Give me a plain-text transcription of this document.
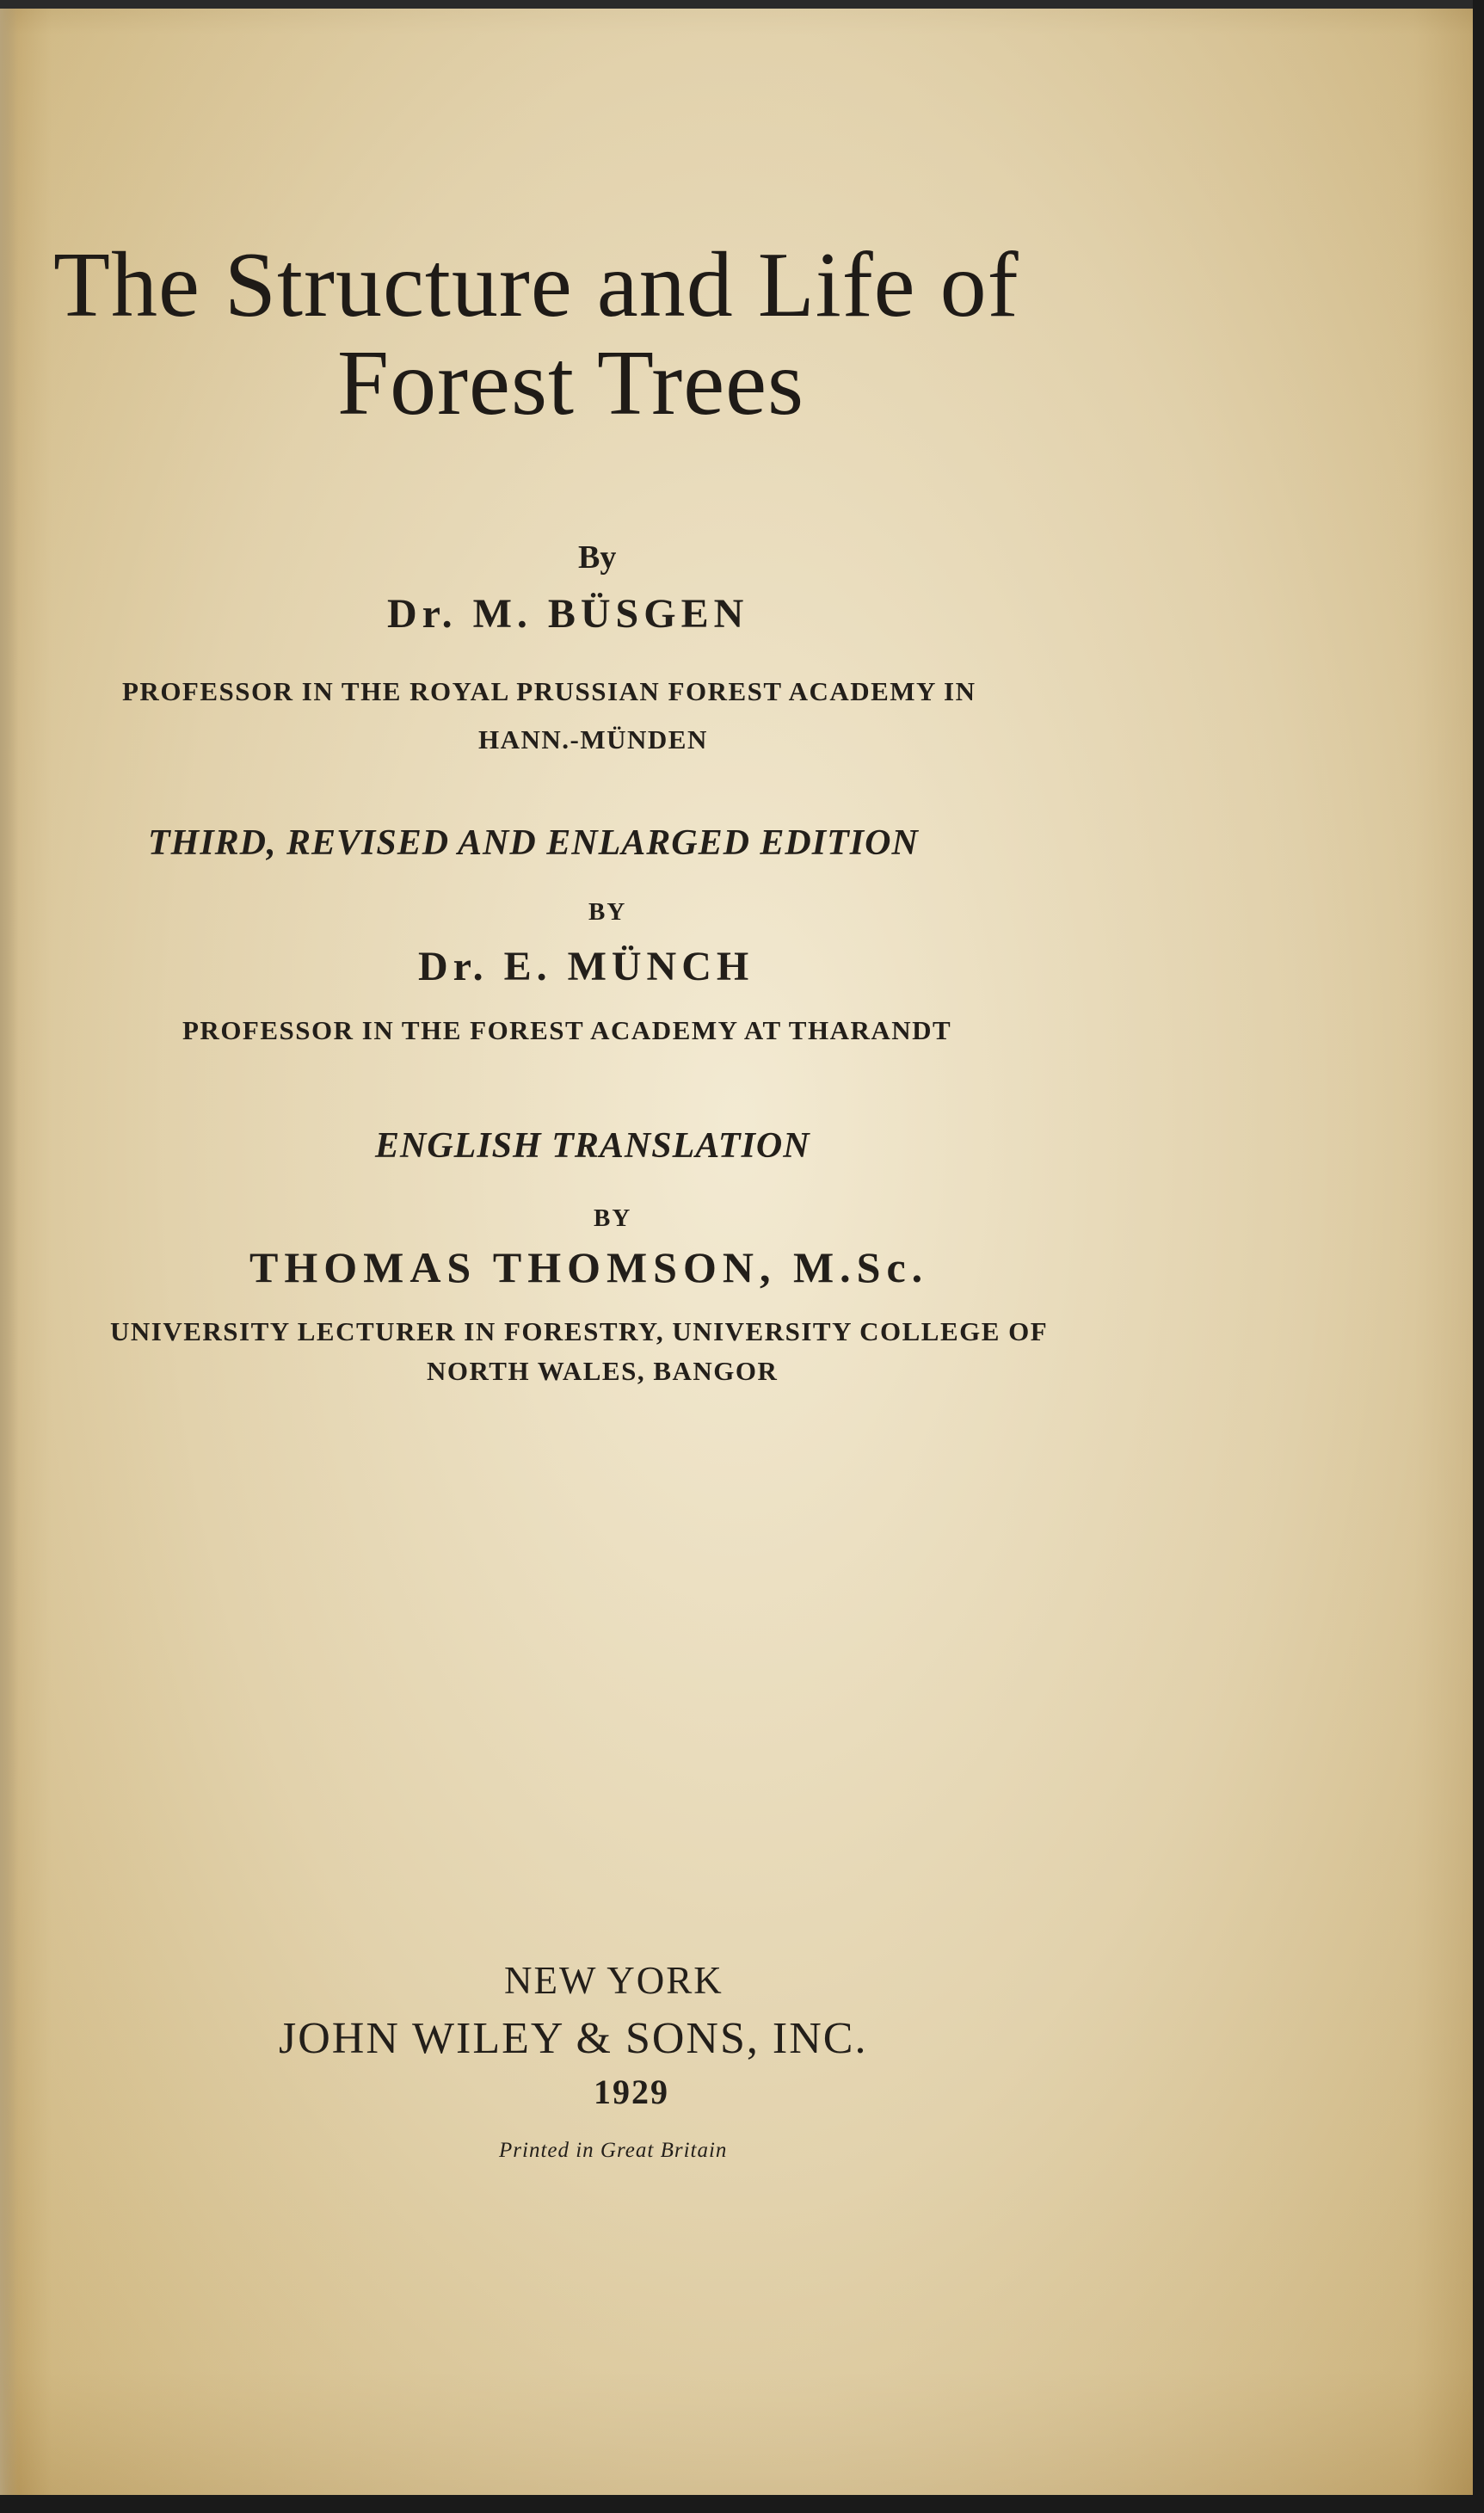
The Structure and Life of

Forest Trees

By

Dr. M. BÜSGEN

PROFESSOR IN THE ROYAL PRUSSIAN FOREST ACADEMY IN

HANN.-MÜNDEN

THIRD, REVISED AND ENLARGED EDITION

BY

Dr. E. MÜNCH

PROFESSOR IN THE FOREST ACADEMY AT THARANDT

ENGLISH TRANSLATION

BY

THOMAS THOMSON, M.Sc.

UNIVERSITY LECTURER IN FORESTRY, UNIVERSITY COLLEGE OF

NORTH WALES, BANGOR

NEW YORK

JOHN WILEY & SONS, INC.

1929

Printed in Great Britain
